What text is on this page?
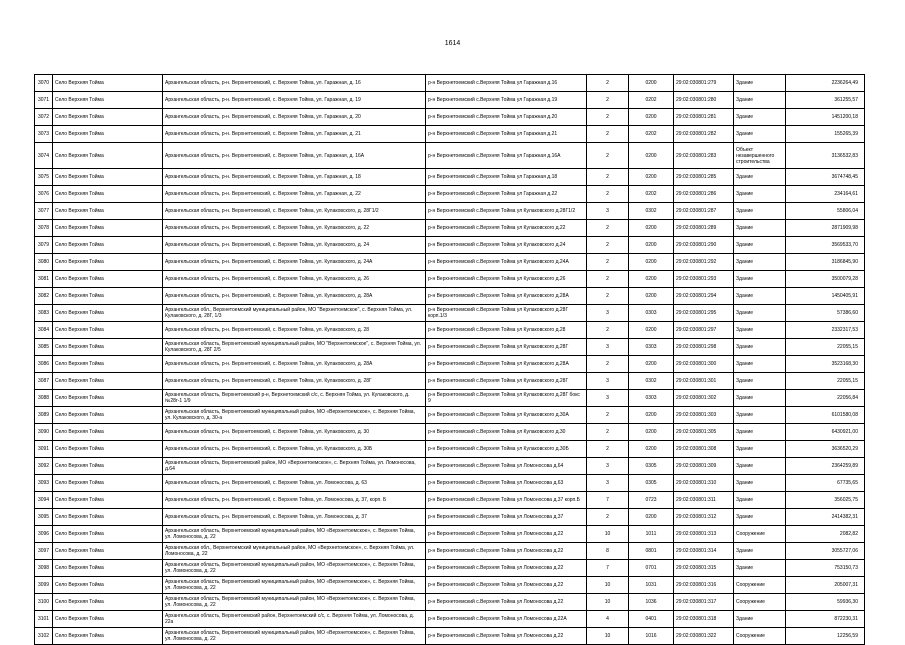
1614
3070	Село Верхняя Тойма	Архангельская область, р-н. Верхнетоемский, с. Верхняя Тойма, ул. Гаражная, д. 16	р-н Верхнетоемский с.Верхняя Тойма ул Гаражная д.16	2	0200	29:02:030801:279	Здание	2236264,49
3071	Село Верхняя Тойма	Архангельская область, р-н. Верхнетоемский, с. Верхняя Тойма, ул. Гаражная, д. 19	р-н Верхнетоемский с.Верхняя Тойма ул Гаражная д.19	2	0202	29:02:030801:280	Здание	361255,57
3072	Село Верхняя Тойма	Архангельская область, р-н. Верхнетоемский, с. Верхняя Тойма, ул. Гаражная, д. 20	р-н Верхнетоемский с.Верхняя Тойма ул Гаражная д.20	2	0200	29:02:030801:281	Здание	1451200,18
3073	Село Верхняя Тойма	Архангельская область, р-н. Верхнетоемский, с. Верхняя Тойма, ул. Гаражная, д. 21	р-н Верхнетоемский с.Верхняя Тойма ул Гаражная д.21	2	0202	29:02:030801:282	Здание	155265,39
3074	Село Верхняя Тойма	Архангельская область, р-н. Верхнетоемский, с. Верхняя Тойма, ул. Гаражная, д. 16А	р-н Верхнетоемский с.Верхняя Тойма ул Гаражная д.16А	2	0200	29:02:030801:283	Объект незавершенного строительства	3136532,83
3075	Село Верхняя Тойма	Архангельская область, р-н. Верхнетоемский, с. Верхняя Тойма, ул. Гаражная, д. 18	р-н Верхнетоемский с.Верхняя Тойма ул Гаражная д.18	2	0200	29:02:030801:285	Здание	3674748,45
3076	Село Верхняя Тойма	Архангельская область, р-н. Верхнетоемский, с. Верхняя Тойма, ул. Гаражная, д. 22	р-н Верхнетоемский с.Верхняя Тойма ул Гаражная д.22	2	0202	29:02:030801:286	Здание	234164,61
3077	Село Верхняя Тойма	Архангельская область, р-н. Верхнетоемский, с. Верхняя Тойма, ул. Кулаковского, д. 28Г1/2	р-н Верхнетоемский с.Верхняя Тойма ул Кулаковского д.28Г1/2	3	0302	29:02:030801:287	Здание	55806,04
3078	Село Верхняя Тойма	Архангельская область, р-н. Верхнетоемский, с. Верхняя Тойма, ул. Кулаковского, д. 22	р-н Верхнетоемский с.Верхняя Тойма ул Кулаковского д.22	2	0200	29:02:030801:289	Здание	2871909,98
3079	Село Верхняя Тойма	Архангельская область, р-н. Верхнетоемский, с. Верхняя Тойма, ул. Кулаковского, д. 24	р-н Верхнетоемский с.Верхняя Тойма ул Кулаковского д.24	2	0200	29:02:030801:290	Здание	3569533,70
3080	Село Верхняя Тойма	Архангельская область, р-н. Верхнетоемский, с. Верхняя Тойма, ул. Кулаковского, д. 24А	р-н Верхнетоемский с.Верхняя Тойма ул Кулаковского д.24А	2	0200	29:02:030801:292	Здание	3186845,90
3081	Село Верхняя Тойма	Архангельская область, р-н. Верхнетоемский, с. Верхняя Тойма, ул. Кулаковского, д. 26	р-н Верхнетоемский с.Верхняя Тойма ул Кулаковского д.26	2	0200	29:02:030801:293	Здание	3500079,28
3082	Село Верхняя Тойма	Архангельская область, р-н. Верхнетоемский, с. Верхняя Тойма, ул. Кулаковского, д. 28А	р-н Верхнетоемский с.Верхняя Тойма ул Кулаковского д.28А	2	0200	29:02:030801:294	Здание	1450405,91
3083	Село Верхняя Тойма	Архангельская обл., Верхнетоемский муниципальный район, МО "Верхнетоемское", с. Верхняя Тойма, ул. Кулаковского, д. 28Г, 1/3	р-н Верхнетоемский с.Верхняя Тойма ул Кулаковского д.28Г корп.1/3	3	0303	29:02:030801:295	Здание	57386,60
3084	Село Верхняя Тойма	Архангельская область, р-н. Верхнетоемский, с. Верхняя Тойма, ул. Кулаковского, д. 28	р-н Верхнетоемский с.Верхняя Тойма ул Кулаковского д.28	2	0200	29:02:030801:297	Здание	2332317,53
3085	Село Верхняя Тойма	Архангельская область, Верхнетоемский муниципальный район, МО "Верхнетоемское", с. Верхняя Тойма, ул. Кулаковского, д. 28Г 2/5	р-н Верхнетоемский с.Верхняя Тойма ул Кулаковского д.28Г	3	0303	29:02:030801:298	Здание	22055,15
3086	Село Верхняя Тойма	Архангельская область, р-н. Верхнетоемский, с. Верхняя Тойма, ул. Кулаковского, д. 28А	р-н Верхнетоемский с.Верхняя Тойма ул Кулаковского д.28А	2	0200	29:02:030801:300	Здание	3523168,30
3087	Село Верхняя Тойма	Архангельская область, р-н. Верхнетоемский, с. Верхняя Тойма, ул. Кулаковского, д. 28Г	р-н Верхнетоемский с.Верхняя Тойма ул Кулаковского д.28Г	3	0302	29:02:030801:301	Здание	22055,15
3088	Село Верхняя Тойма	Архангельская область, Верхнетоемский р-н, Верхнетоемский с/с, с. Верхняя Тойма, ул. Кулаковского, д. №28г-1 1/9	р-н Верхнетоемский с.Верхняя Тойма ул Кулаковского д.28Г бокс 9	3	0303	29:02:030801:302	Здание	22056,84
3089	Село Верхняя Тойма	Архангельская область, Верхнетоемский муниципальный район, МО «Верхнетоемское», с. Верхняя Тойма, ул. Кулаковского, д. 30-а	р-н Верхнетоемский с.Верхняя Тойма ул Кулаковского д.30А	2	0200	29:02:030801:303	Здание	6101580,08
3090	Село Верхняя Тойма	Архангельская область, р-н. Верхнетоемский, с. Верхняя Тойма, ул. Кулаковского, д. 30	р-н Верхнетоемский с.Верхняя Тойма ул Кулаковского д.30	2	0200	29:02:030801:305	Здание	6430921,00
3091	Село Верхняя Тойма	Архангельская область, р-н. Верхнетоемский, с. Верхняя Тойма, ул. Кулаковского, д. 30Б	р-н Верхнетоемский с.Верхняя Тойма ул Кулаковского д.30Б	2	0200	29:02:030801:308	Здание	3636520,29
3092	Село Верхняя Тойма	Архангельская область, Верхнетоемский район, МО «Верхнетоемское», с. Верхняя Тойма, ул. Ломоносова, д.64	р-н Верхнетоемский с.Верхняя Тойма ул Ломоносова д.64	3	0305	29:02:030801:309	Здание	2364259,89
3093	Село Верхняя Тойма	Архангельская область, р-н. Верхнетоемский, с. Верхняя Тойма, ул. Ломоносова, д. 63	р-н Верхнетоемский с.Верхняя Тойма ул Ломоносова д.63	3	0305	29:02:030801:310	Здание	67735,65
3094	Село Верхняя Тойма	Архангельская область, р-н. Верхнетоемский, с. Верхняя Тойма, ул. Ломоносова, д. 37, корп. Б	р-н Верхнетоемский с.Верхняя Тойма ул Ломоносова д.37 корп.Б	7	0723	29:02:030801:311	Здание	356025,75
3095	Село Верхняя Тойма	Архангельская область, р-н. Верхнетоемский, с. Верхняя Тойма, ул. Ломоносова, д. 37	р-н Верхнетоемский с.Верхняя Тойма ул Ломоносова д.37	2	0200	29:02:030801:312	Здание	2414382,31
3096	Село Верхняя Тойма	Архангельская область, Верхнетоемский муниципальный район, МО «Верхнетоемское», с. Верхняя Тойма, ул. Ломоносова, д. 22	р-н Верхнетоемский с.Верхняя Тойма ул Ломоносова д.22	10	1011	29:02:030801:313	Сооружение	2082,82
3097	Село Верхняя Тойма	Архангельская обл., Верхнетоемский муниципальный район, МО «Верхнетоемское», с. Верхняя Тойма, ул. Ломоносова, д. 22	р-н Верхнетоемский с.Верхняя Тойма ул Ломоносова д.22	8	0801	29:02:030801:314	Здание	3055727,06
3098	Село Верхняя Тойма	Архангельская область, Верхнетоемский муниципальный район, МО «Верхнетоемское», с. Верхняя Тойма, ул. Ломоносова, д. 22	р-н Верхнетоемский с.Верхняя Тойма ул Ломоносова д.22	7	0701	29:02:030801:315	Здание	753150,73
3099	Село Верхняя Тойма	Архангельская область, Верхнетоемский муниципальный район, МО «Верхнетоемское», с. Верхняя Тойма, ул. Ломоносова, д. 22	р-н Верхнетоемский с.Верхняя Тойма ул Ломоносова д.22	10	1031	29:02:030801:316	Сооружение	205007,31
3100	Село Верхняя Тойма	Архангельская область, Верхнетоемский муниципальный район, МО «Верхнетоемское», с. Верхняя Тойма, ул. Ломоносова, д. 22	р-н Верхнетоемский с.Верхняя Тойма ул Ломоносова д.22	10	1036	29:02:030801:317	Сооружение	59936,30
3101	Село Верхняя Тойма	Архангельская область, Верхнетоемский район, Верхнетоемский с/с, с. Верхняя Тойма, ул. Ломоносова, д. 22а	р-н Верхнетоемский с.Верхняя Тойма ул Ломоносова д.22А	4	0401	29:02:030801:318	Здание	872230,31
3102	Село Верхняя Тойма	Архангельская область, Верхнетоемский муниципальный район, МО «Верхнетоемское», с. Верхняя Тойма, ул. Ломоносова, д. 22	р-н Верхнетоемский с.Верхняя Тойма ул Ломоносова д.22	10	1016	29:02:030801:322	Сооружение	12256,59
